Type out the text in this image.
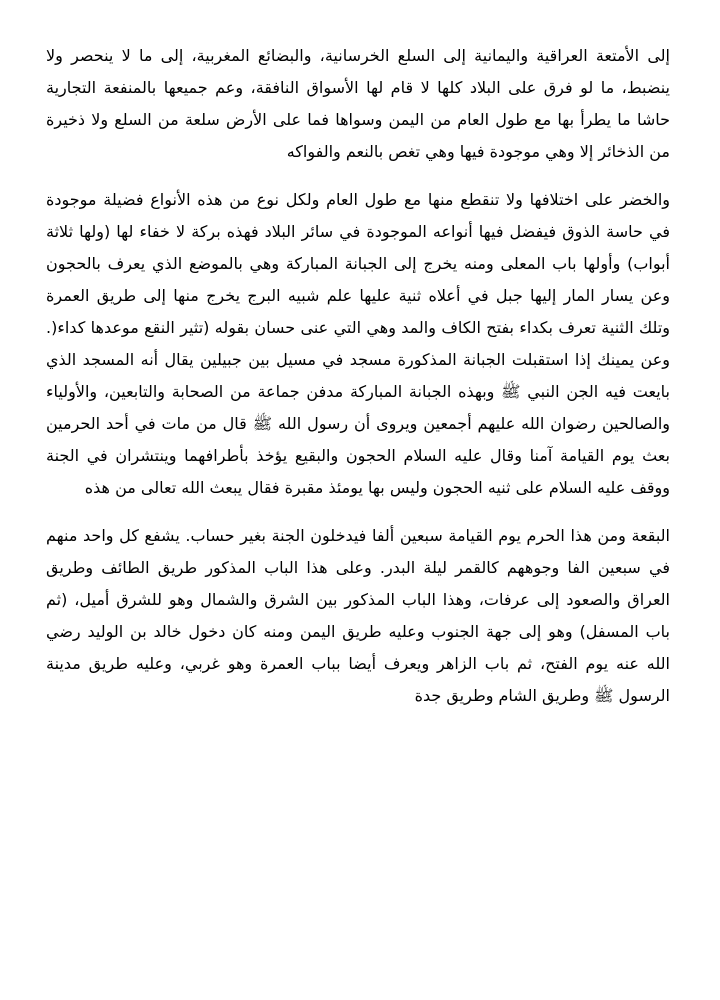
إلى الأمتعة العراقية واليمانية إلى السلع الخرسانية، والبضائع المغربية، إلى ما لا ينحصر ولا ينضبط، ما لو فرق على البلاد كلها لا قام لها الأسواق النافقة، وعم جميعها بالمنفعة التجارية حاشا ما يطرأ بها مع طول العام من اليمن وسواها فما على الأرض سلعة من السلع ولا ذخيرة من الذخائر إلا وهي موجودة فيها وهي تغص بالنعم والفواكه

والخضر على اختلافها ولا تنقطع منها مع طول العام ولكل نوع من هذه الأنواع فضيلة موجودة في حاسة الذوق فيفضل فيها أنواعه الموجودة في سائر البلاد فهذه بركة لا خفاء لها (ولها ثلاثة أبواب) وأولها باب المعلى ومنه يخرج إلى الجبانة المباركة وهي بالموضع الذي يعرف بالحجون وعن يسار المار إليها جبل في أعلاه ثنية عليها علم شبيه البرج يخرج منها إلى طريق العمرة وتلك الثنية تعرف بكداء بفتح الكاف والمد وهي التي عنى حسان بقوله (تثير النقع موعدها كداء(. وعن يمينك إذا استقبلت الجبانة المذكورة مسجد في مسيل بين جبيلين يقال أنه المسجد الذي بايعت فيه الجن النبي ﷺ وبهذه الجبانة المباركة مدفن جماعة من الصحابة والتابعين، والأولياء والصالحين رضوان الله عليهم أجمعين ويروى أن رسول الله ﷺ قال من مات في أحد الحرمين بعث يوم القيامة آمنا وقال عليه السلام الحجون والبقيع يؤخذ بأطرافهما وينتشران في الجنة ووقف عليه السلام على ثنيه الحجون وليس بها يومئذ مقبرة فقال يبعث الله تعالى من هذه

البقعة ومن هذا الحرم يوم القيامة سبعين ألفا فيدخلون الجنة بغير حساب. يشفع كل واحد منهم في سبعين الفا وجوههم كالقمر ليلة البدر. وعلى هذا الباب المذكور طريق الطائف وطريق العراق والصعود إلى عرفات، وهذا الباب المذكور بين الشرق والشمال وهو للشرق أميل، (ثم باب المسفل) وهو إلى جهة الجنوب وعليه طريق اليمن ومنه كان دخول خالد بن الوليد رضي الله عنه يوم الفتح، ثم باب الزاهر ويعرف أيضا بباب العمرة وهو غربي، وعليه طريق مدينة الرسول ﷺ وطريق الشام وطريق جدة
